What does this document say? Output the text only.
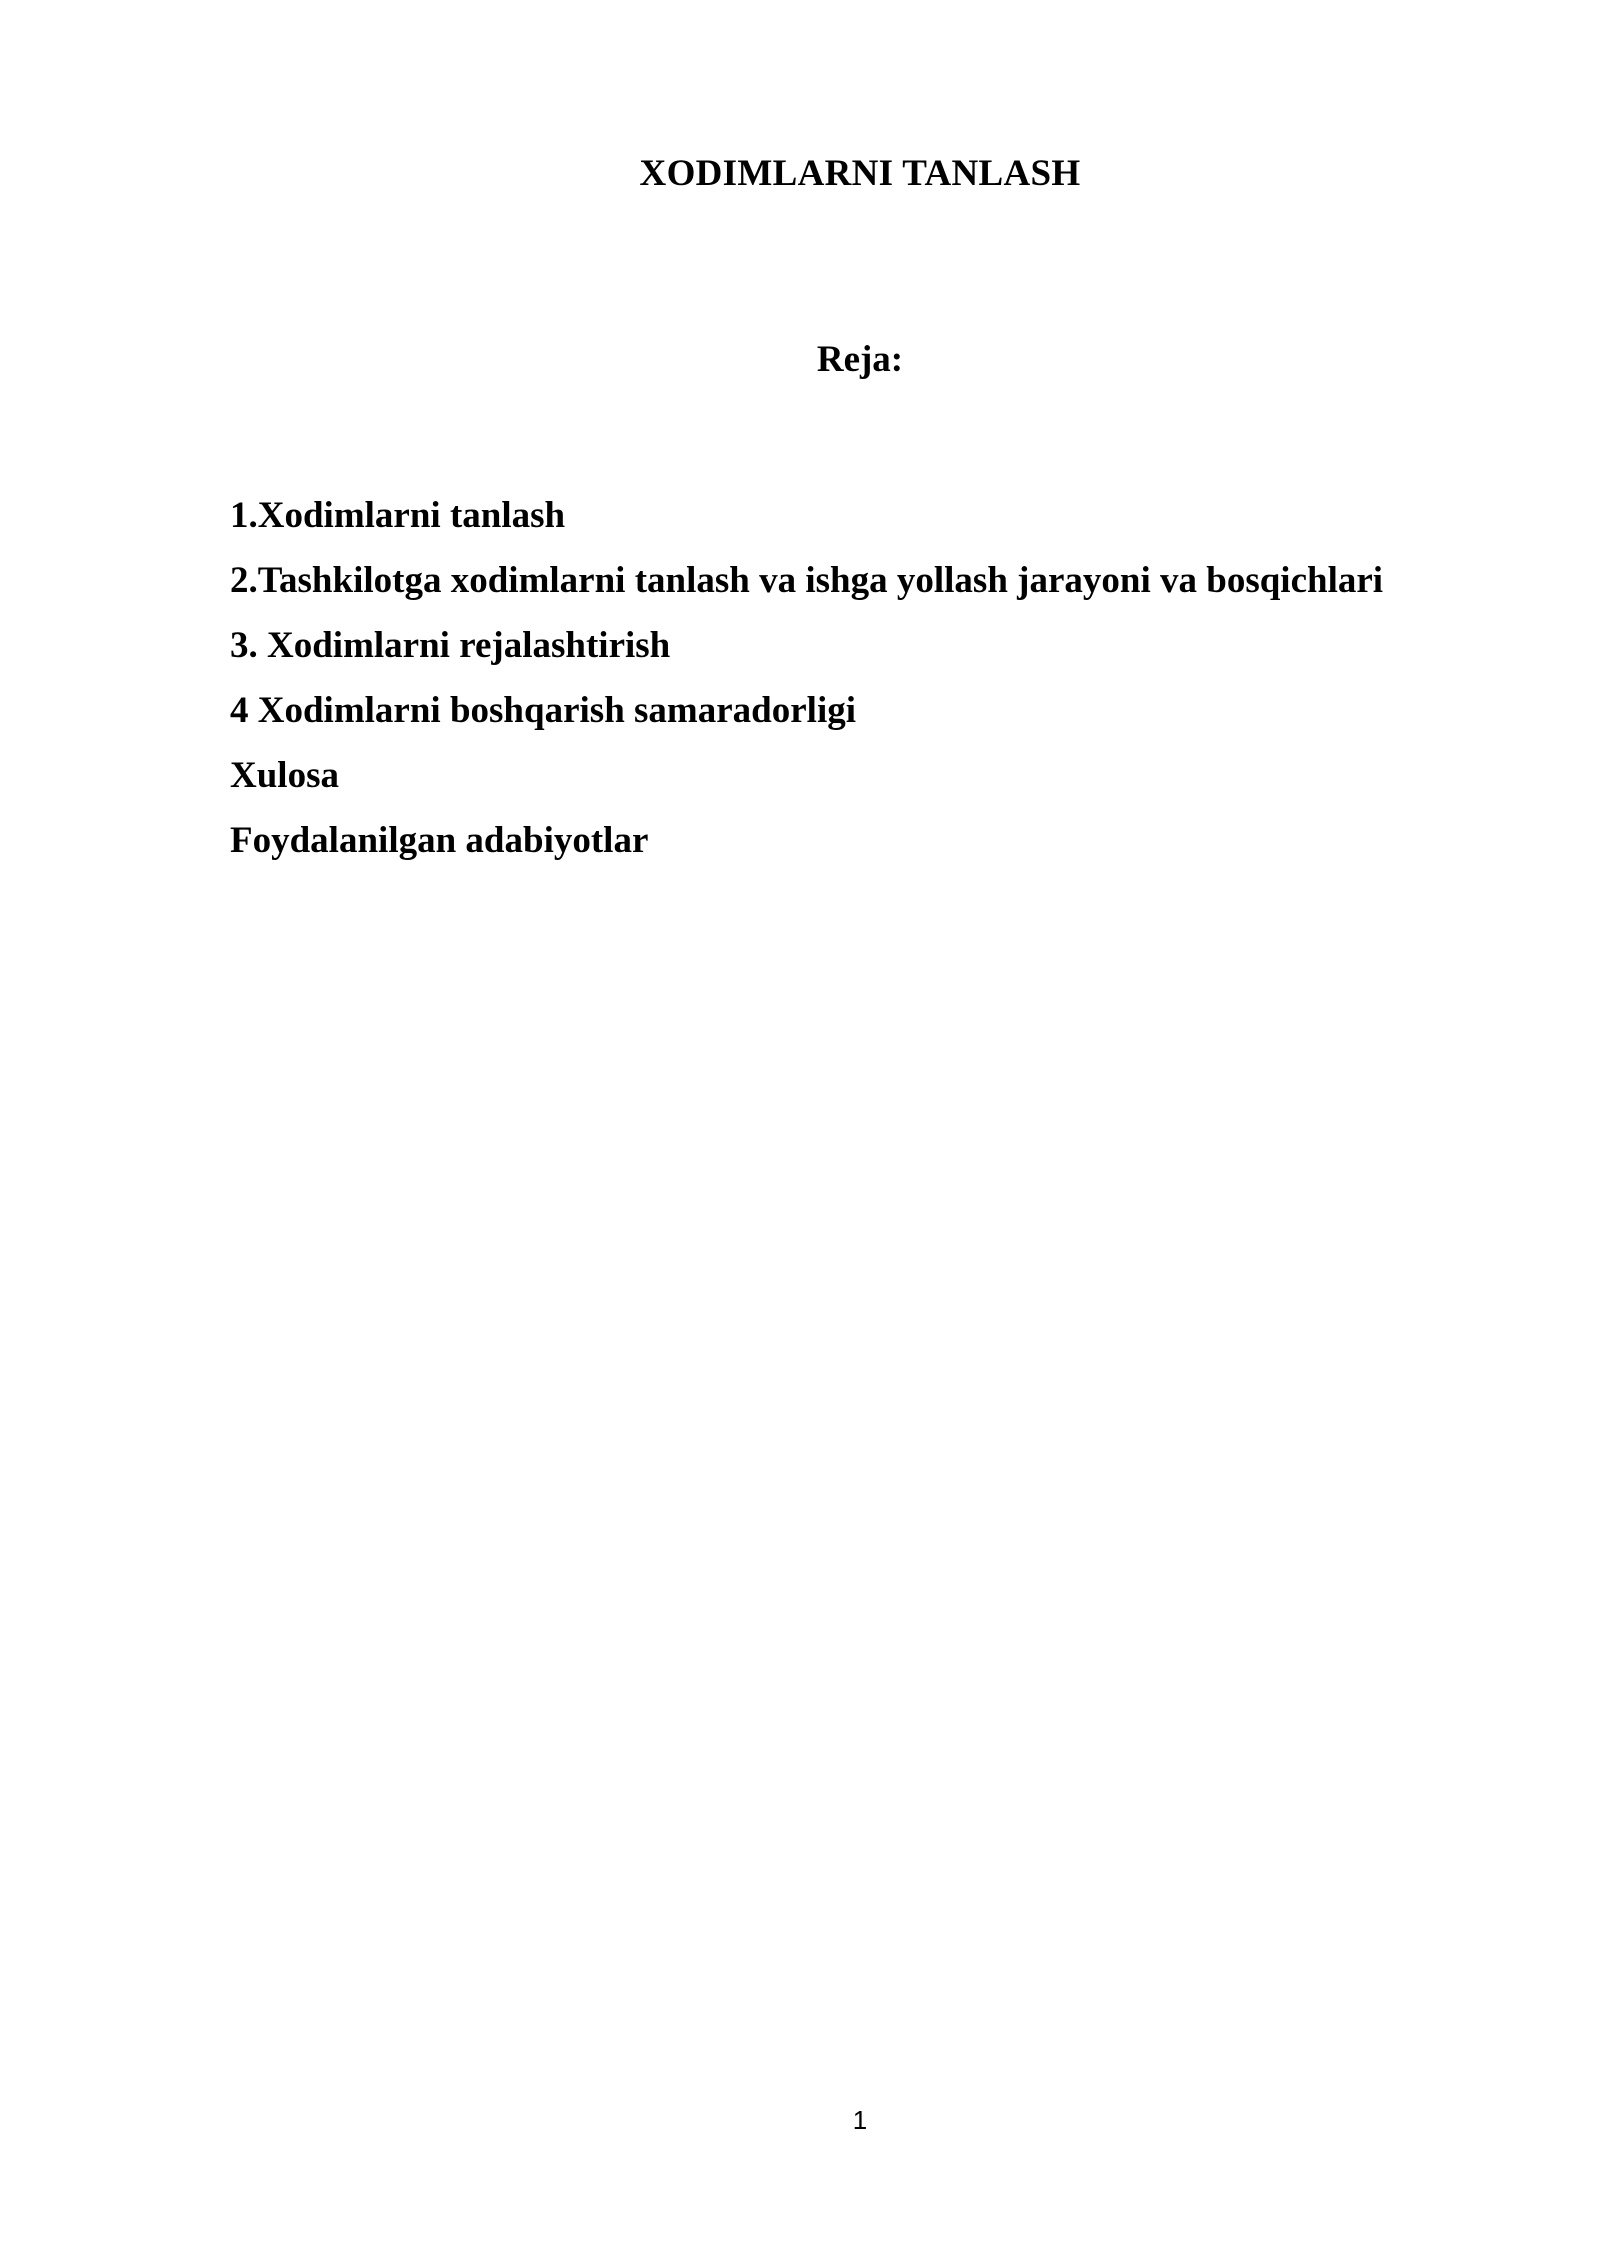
XODIMLARNI TANLASH
Reja:
1.Xodimlarni tanlash
2.Tashkilotga xodimlarni tanlash va ishga yollash jarayoni va bosqichlari
3. Xodimlarni rejalashtirish
4 Xodimlarni boshqarish samaradorligi
Xulosa
Foydalanilgan adabiyotlar
1
